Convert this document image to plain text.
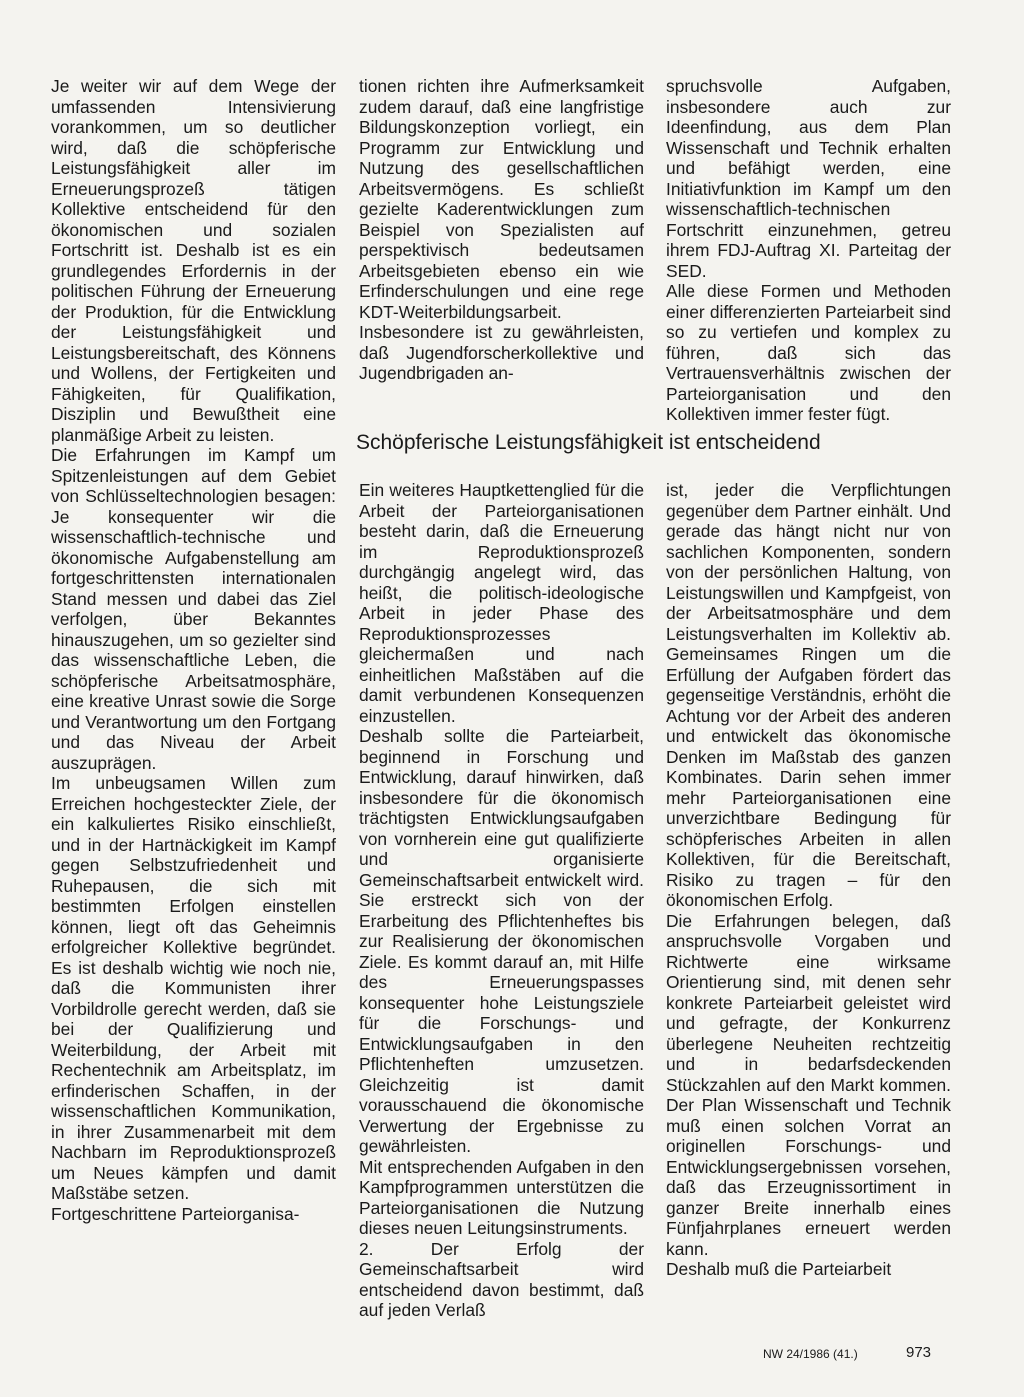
Je weiter wir auf dem Wege der umfassenden Intensivierung vorankommen, um so deutlicher wird, daß die schöpferische Leistungsfähigkeit aller im Erneuerungsprozeß tätigen Kollektive entscheidend für den ökonomischen und sozialen Fortschritt ist. Deshalb ist es ein grundlegendes Erfordernis in der politischen Führung der Erneuerung der Produktion, für die Entwicklung der Leistungsfähigkeit und Leistungsbereitschaft, des Könnens und Wollens, der Fertigkeiten und Fähigkeiten, für Qualifikation, Disziplin und Bewußtheit eine planmäßige Arbeit zu leisten.

Die Erfahrungen im Kampf um Spitzenleistungen auf dem Gebiet von Schlüsseltechnologien besagen: Je konsequenter wir die wissenschaftlich-technische und ökonomische Aufgabenstellung am fortgeschrittensten internationalen Stand messen und dabei das Ziel verfolgen, über Bekanntes hinauszugehen, um so gezielter sind das wissenschaftliche Leben, die schöpferische Arbeitsatmosphäre, eine kreative Unrast sowie die Sorge und Verantwortung um den Fortgang und das Niveau der Arbeit auszuprägen.

Im unbeugsamen Willen zum Erreichen hochgesteckter Ziele, der ein kalkuliertes Risiko einschließt, und in der Hartnäckigkeit im Kampf gegen Selbstzufriedenheit und Ruhepausen, die sich mit bestimmten Erfolgen einstellen können, liegt oft das Geheimnis erfolgreicher Kollektive begründet. Es ist deshalb wichtig wie noch nie, daß die Kommunisten ihrer Vorbildrolle gerecht werden, daß sie bei der Qualifizierung und Weiterbildung, der Arbeit mit Rechentechnik am Arbeitsplatz, im erfinderischen Schaffen, in der wissenschaftlichen Kommunikation, in ihrer Zusammenarbeit mit dem Nachbarn im Reproduktionsprozeß um Neues kämpfen und damit Maßstäbe setzen.

Fortgeschrittene Parteiorganisa-

tionen richten ihre Aufmerksamkeit zudem darauf, daß eine langfristige Bildungskonzeption vorliegt, ein Programm zur Entwicklung und Nutzung des gesellschaftlichen Arbeitsvermögens. Es schließt gezielte Kaderentwicklungen zum Beispiel von Spezialisten auf perspektivisch bedeutsamen Arbeitsgebieten ebenso ein wie Erfinderschulungen und eine rege KDT-Weiterbildungsarbeit.

Insbesondere ist zu gewährleisten, daß Jugendforscherkollektive und Jugendbrigaden an-

spruchsvolle Aufgaben, insbesondere auch zur Ideenfindung, aus dem Plan Wissenschaft und Technik erhalten und befähigt werden, eine Initiativfunktion im Kampf um den wissenschaftlich-technischen Fortschritt einzunehmen, getreu ihrem FDJ-Auftrag XI. Parteitag der SED.

Alle diese Formen und Methoden einer differenzierten Parteiarbeit sind so zu vertiefen und komplex zu führen, daß sich das Vertrauensverhältnis zwischen der Parteiorganisation und den Kollektiven immer fester fügt.

Schöpferische Leistungsfähigkeit ist entscheidend

Ein weiteres Hauptkettenglied für die Arbeit der Parteiorganisationen besteht darin, daß die Erneuerung im Reproduktionsprozeß durchgängig angelegt wird, das heißt, die politisch-ideologische Arbeit in jeder Phase des Reproduktionsprozesses gleichermaßen und nach einheitlichen Maßstäben auf die damit verbundenen Konsequenzen einzustellen.

Deshalb sollte die Parteiarbeit, beginnend in Forschung und Entwicklung, darauf hinwirken, daß insbesondere für die ökonomisch trächtigsten Entwicklungsaufgaben von vornherein eine gut qualifizierte und organisierte Gemeinschaftsarbeit entwickelt wird. Sie erstreckt sich von der Erarbeitung des Pflichtenheftes bis zur Realisierung der ökonomischen Ziele. Es kommt darauf an, mit Hilfe des Erneuerungspasses konsequenter hohe Leistungsziele für die Forschungs- und Entwicklungsaufgaben in den Pflichtenheften umzusetzen. Gleichzeitig ist damit vorausschauend die ökonomische Verwertung der Ergebnisse zu gewährleisten.

Mit entsprechenden Aufgaben in den Kampfprogrammen unterstützen die Parteiorganisationen die Nutzung dieses neuen Leitungsinstruments.

2. Der Erfolg der Gemeinschaftsarbeit wird entscheidend davon bestimmt, daß auf jeden Verlaß

ist, jeder die Verpflichtungen gegenüber dem Partner einhält. Und gerade das hängt nicht nur von sachlichen Komponenten, sondern von der persönlichen Haltung, von Leistungswillen und Kampfgeist, von der Arbeitsatmosphäre und dem Leistungsverhalten im Kollektiv ab. Gemeinsames Ringen um die Erfüllung der Aufgaben fördert das gegenseitige Verständnis, erhöht die Achtung vor der Arbeit des anderen und entwickelt das ökonomische Denken im Maßstab des ganzen Kombinates. Darin sehen immer mehr Parteiorganisationen eine unverzichtbare Bedingung für schöpferisches Arbeiten in allen Kollektiven, für die Bereitschaft, Risiko zu tragen – für den ökonomischen Erfolg.

Die Erfahrungen belegen, daß anspruchsvolle Vorgaben und Richtwerte eine wirksame Orientierung sind, mit denen sehr konkrete Parteiarbeit geleistet wird und gefragte, der Konkurrenz überlegene Neuheiten rechtzeitig und in bedarfsdeckenden Stückzahlen auf den Markt kommen. Der Plan Wissenschaft und Technik muß einen solchen Vorrat an originellen Forschungs- und Entwicklungsergebnissen vorsehen, daß das Erzeugnissortiment in ganzer Breite innerhalb eines Fünfjahrplanes erneuert werden kann.

Deshalb muß die Parteiarbeit

NW 24/1986 (41.)	973
